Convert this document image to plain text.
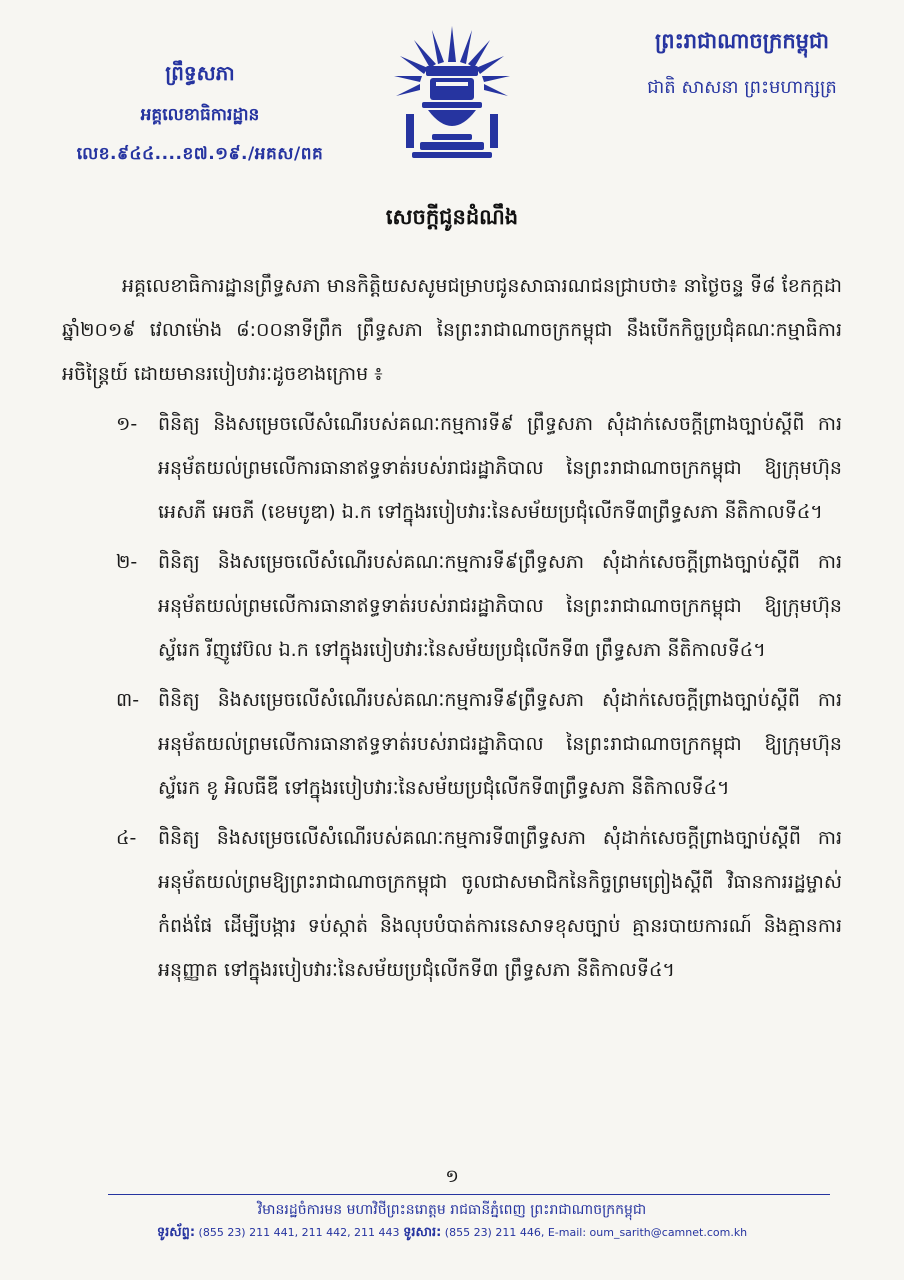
ព្រឹទ្ធសភា
អគ្គលេខាធិការដ្ឋាន
លេខ.៩៤៤....ខ៧.១៩./អគស/ពគ
ព្រះរាជាណាចក្រកម្ពុជា
ជាតិ សាសនា ព្រះមហាក្សត្រ
សេចក្ដីជូនដំណឹង
អគ្គលេខាធិការដ្ឋានព្រឹទ្ធសភា មានកិត្តិយសសូមជម្រាបជូនសាធារណជនជ្រាបថា៖ នាថ្ងៃចន្ទ ទី៨ ខែកក្កដា ឆ្នាំ២០១៩ វេលាម៉ោង ៨:០០នាទីព្រឹក ព្រឹទ្ធសភា នៃព្រះរាជាណាចក្រកម្ពុជា នឹងបើកកិច្ចប្រជុំគណៈកម្មាធិការអចិន្ត្រៃយ៍ ដោយមានរបៀបវារៈដូចខាងក្រោម ៖
១-	ពិនិត្យ និងសម្រេចលើសំណើរបស់គណៈកម្មការទី៩ ព្រឹទ្ធសភា សុំដាក់សេចក្ដីព្រាងច្បាប់ស្ដីពី ការអនុម័តយល់ព្រមលើការធានាឥទ្ធទាត់របស់រាជរដ្ឋាភិបាល នៃព្រះរាជាណាចក្រកម្ពុជា ឱ្យក្រុមហ៊ុន អេសភី អេចភី (ខេមបូឌា) ឯ.ក ទៅក្នុងរបៀបវារៈនៃសម័យប្រជុំលើកទី៣ព្រឹទ្ធសភា នីតិកាលទី៤។
២-	ពិនិត្យ និងសម្រេចលើសំណើរបស់គណៈកម្មការទី៩ព្រឹទ្ធសភា សុំដាក់សេចក្ដីព្រាងច្បាប់ស្ដីពី ការអនុម័តយល់ព្រមលើការធានាឥទ្ធទាត់របស់រាជរដ្ឋាភិបាល នៃព្រះរាជាណាចក្រកម្ពុជា ឱ្យក្រុមហ៊ុន ស្ទ័រេក រីញូវេប៊ល ឯ.ក ទៅក្នុងរបៀបវារៈនៃសម័យប្រជុំលើកទី៣ ព្រឹទ្ធសភា នីតិកាលទី៤។
៣- ពិនិត្យ និងសម្រេចលើសំណើរបស់គណៈកម្មការទី៩ព្រឹទ្ធសភា សុំដាក់សេចក្ដីព្រាងច្បាប់ស្ដីពី ការអនុម័តយល់ព្រមលើការធានាឥទ្ធទាត់របស់រាជរដ្ឋាភិបាល នៃព្រះរាជាណាចក្រកម្ពុជា ឱ្យក្រុមហ៊ុន ស្ទ័រេក ខូ អិលធីឌី ទៅក្នុងរបៀបវារៈនៃសម័យប្រជុំលើកទី៣ព្រឹទ្ធសភា នីតិកាលទី៤។
៤-	ពិនិត្យ និងសម្រេចលើសំណើរបស់គណៈកម្មការទី៣ព្រឹទ្ធសភា សុំដាក់សេចក្ដីព្រាងច្បាប់ស្ដីពី ការអនុម័តយល់ព្រមឱ្យព្រះរាជាណាចក្រកម្ពុជា ចូលជាសមាជិកនៃកិច្ចព្រមព្រៀងស្ដីពី វិធានការរដ្ឋម្ចាស់កំពង់ផែ ដើម្បីបង្ការ ទប់ស្កាត់ និងលុបបំបាត់ការនេសាទខុសច្បាប់ គ្មានរបាយការណ៍ និងគ្មានការអនុញ្ញាត ទៅក្នុងរបៀបវារៈនៃសម័យប្រជុំលើកទី៣ ព្រឹទ្ធសភា នីតិកាលទី៤។
១
វិមានរដ្ឋចំការមន មហាវិថីព្រះនរោត្តម រាជធានីភ្នំពេញ ព្រះរាជាណាចក្រកម្ពុជា
ទូរស័ព្ទ: (855 23) 211 441, 211 442, 211 443 ទូរសារ: (855 23) 211 446, E-mail: oum_sarith@camnet.com.kh
